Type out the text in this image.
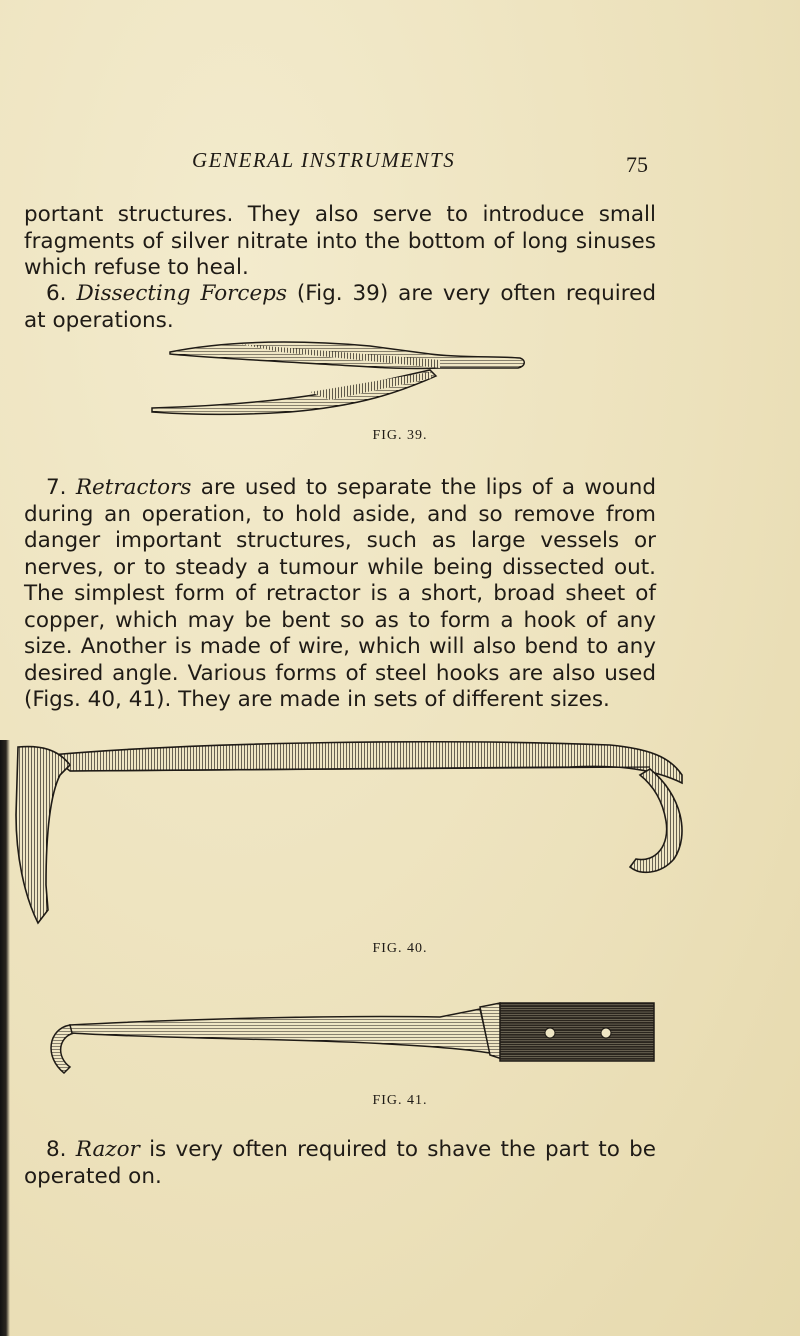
GENERAL INSTRUMENTS	75

portant structures. They also serve to introduce small fragments of silver nitrate into the bottom of long sinuses which refuse to heal.

6. Dissecting Forceps (Fig. 39) are very often required at operations.

FIG. 39.

7. Retractors are used to separate the lips of a wound during an operation, to hold aside, and so remove from danger important structures, such as large vessels or nerves, or to steady a tumour while being dissected out. The simplest form of retractor is a short, broad sheet of copper, which may be bent so as to form a hook of any size. Another is made of wire, which will also bend to any desired angle. Various forms of steel hooks are also used (Figs. 40, 41). They are made in sets of different sizes.

FIG. 40.
FIG. 41.

8. Razor is very often required to shave the part to be operated on.
